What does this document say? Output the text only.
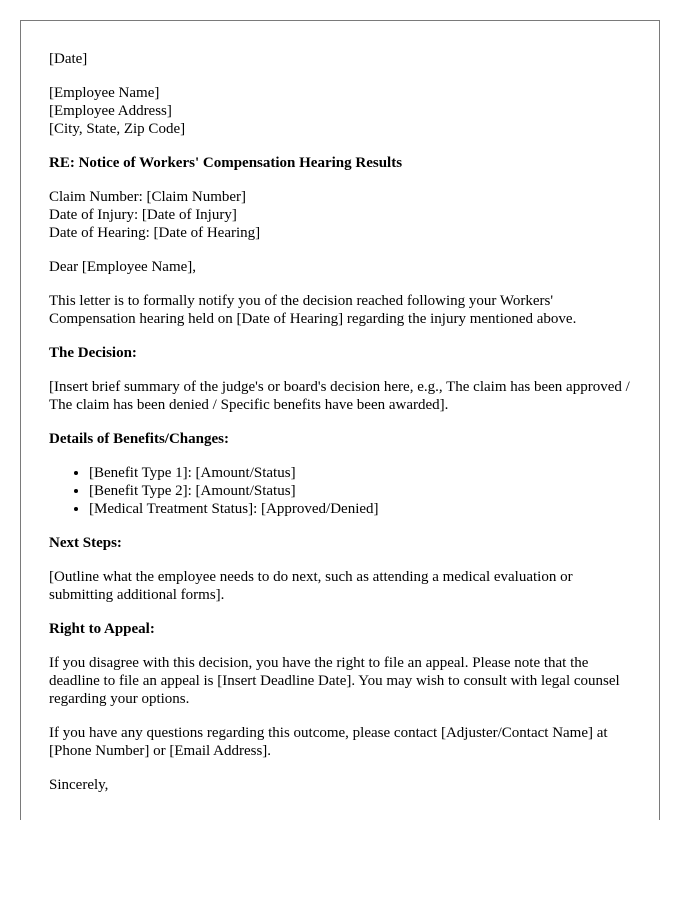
[Date]

[Employee Name]
[Employee Address]
[City, State, Zip Code]

RE: Notice of Workers' Compensation Hearing Results

Claim Number: [Claim Number]
Date of Injury: [Date of Injury]
Date of Hearing: [Date of Hearing]

Dear [Employee Name],

This letter is to formally notify you of the decision reached following your Workers' Compensation hearing held on [Date of Hearing] regarding the injury mentioned above.

The Decision:

[Insert brief summary of the judge's or board's decision here, e.g., The claim has been approved / The claim has been denied / Specific benefits have been awarded].

Details of Benefits/Changes:

• [Benefit Type 1]: [Amount/Status]
• [Benefit Type 2]: [Amount/Status]
• [Medical Treatment Status]: [Approved/Denied]

Next Steps:

[Outline what the employee needs to do next, such as attending a medical evaluation or submitting additional forms].

Right to Appeal:

If you disagree with this decision, you have the right to file an appeal. Please note that the deadline to file an appeal is [Insert Deadline Date]. You may wish to consult with legal counsel regarding your options.

If you have any questions regarding this outcome, please contact [Adjuster/Contact Name] at [Phone Number] or [Email Address].

Sincerely,
